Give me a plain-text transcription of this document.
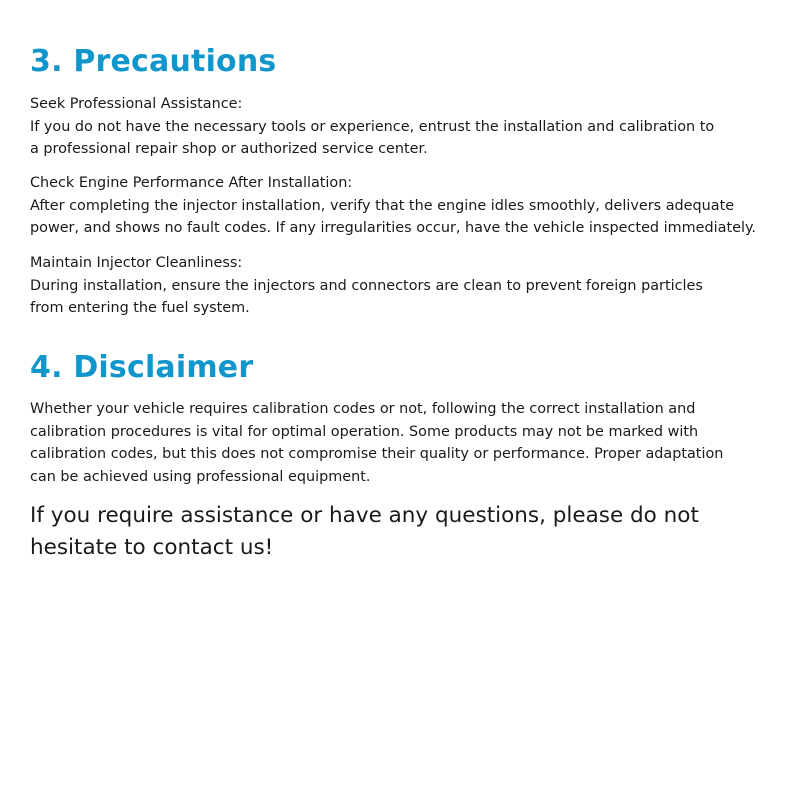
3. Precautions

Seek Professional Assistance:

If you do not have the necessary tools or experience, entrust the installation and calibration to

a professional repair shop or authorized service center.

Check Engine Performance After Installation:

After completing the injector installation, verify that the engine idles smoothly, delivers adequate

power, and shows no fault codes. If any irregularities occur, have the vehicle inspected immediately.

Maintain Injector Cleanliness:

During installation, ensure the injectors and connectors are clean to prevent foreign particles

from entering the fuel system.

4. Disclaimer

Whether your vehicle requires calibration codes or not, following the correct installation and

calibration procedures is vital for optimal operation. Some products may not be marked with

calibration codes, but this does not compromise their quality or performance. Proper adaptation

can be achieved using professional equipment.

If you require assistance or have any questions, please do not
hesitate to contact us!
